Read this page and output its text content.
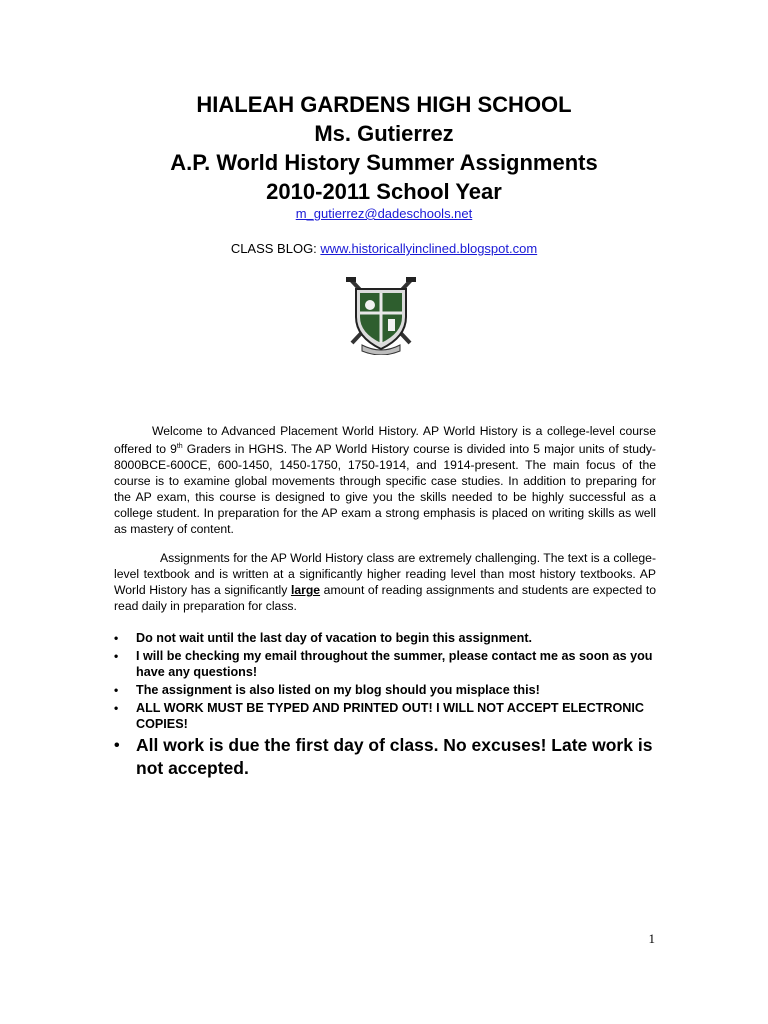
HIALEAH GARDENS HIGH SCHOOL
Ms. Gutierrez
A.P. World History Summer Assignments
2010-2011 School Year
m_gutierrez@dadeschools.net
CLASS BLOG: www.historicallyinclined.blogspot.com

Welcome to Advanced Placement World History. AP World History is a college-level course offered to 9th Graders in HGHS. The AP World History course is divided into 5 major units of study- 8000BCE-600CE, 600-1450, 1450-1750, 1750-1914, and 1914-present. The main focus of the course is to examine global movements through specific case studies. In addition to preparing for the AP exam, this course is designed to give you the skills needed to be highly successful as a college student. In preparation for the AP exam a strong emphasis is placed on writing skills as well as mastery of content.

Assignments for the AP World History class are extremely challenging. The text is a college-level textbook and is written at a significantly higher reading level than most history textbooks. AP World History has a significantly large amount of reading assignments and students are expected to read daily in preparation for class.

• Do not wait until the last day of vacation to begin this assignment.
• I will be checking my email throughout the summer, please contact me as soon as you have any questions!
• The assignment is also listed on my blog should you misplace this!
• ALL WORK MUST BE TYPED AND PRINTED OUT! I WILL NOT ACCEPT ELECTRONIC COPIES!
• All work is due the first day of class. No excuses! Late work is not accepted.
1
